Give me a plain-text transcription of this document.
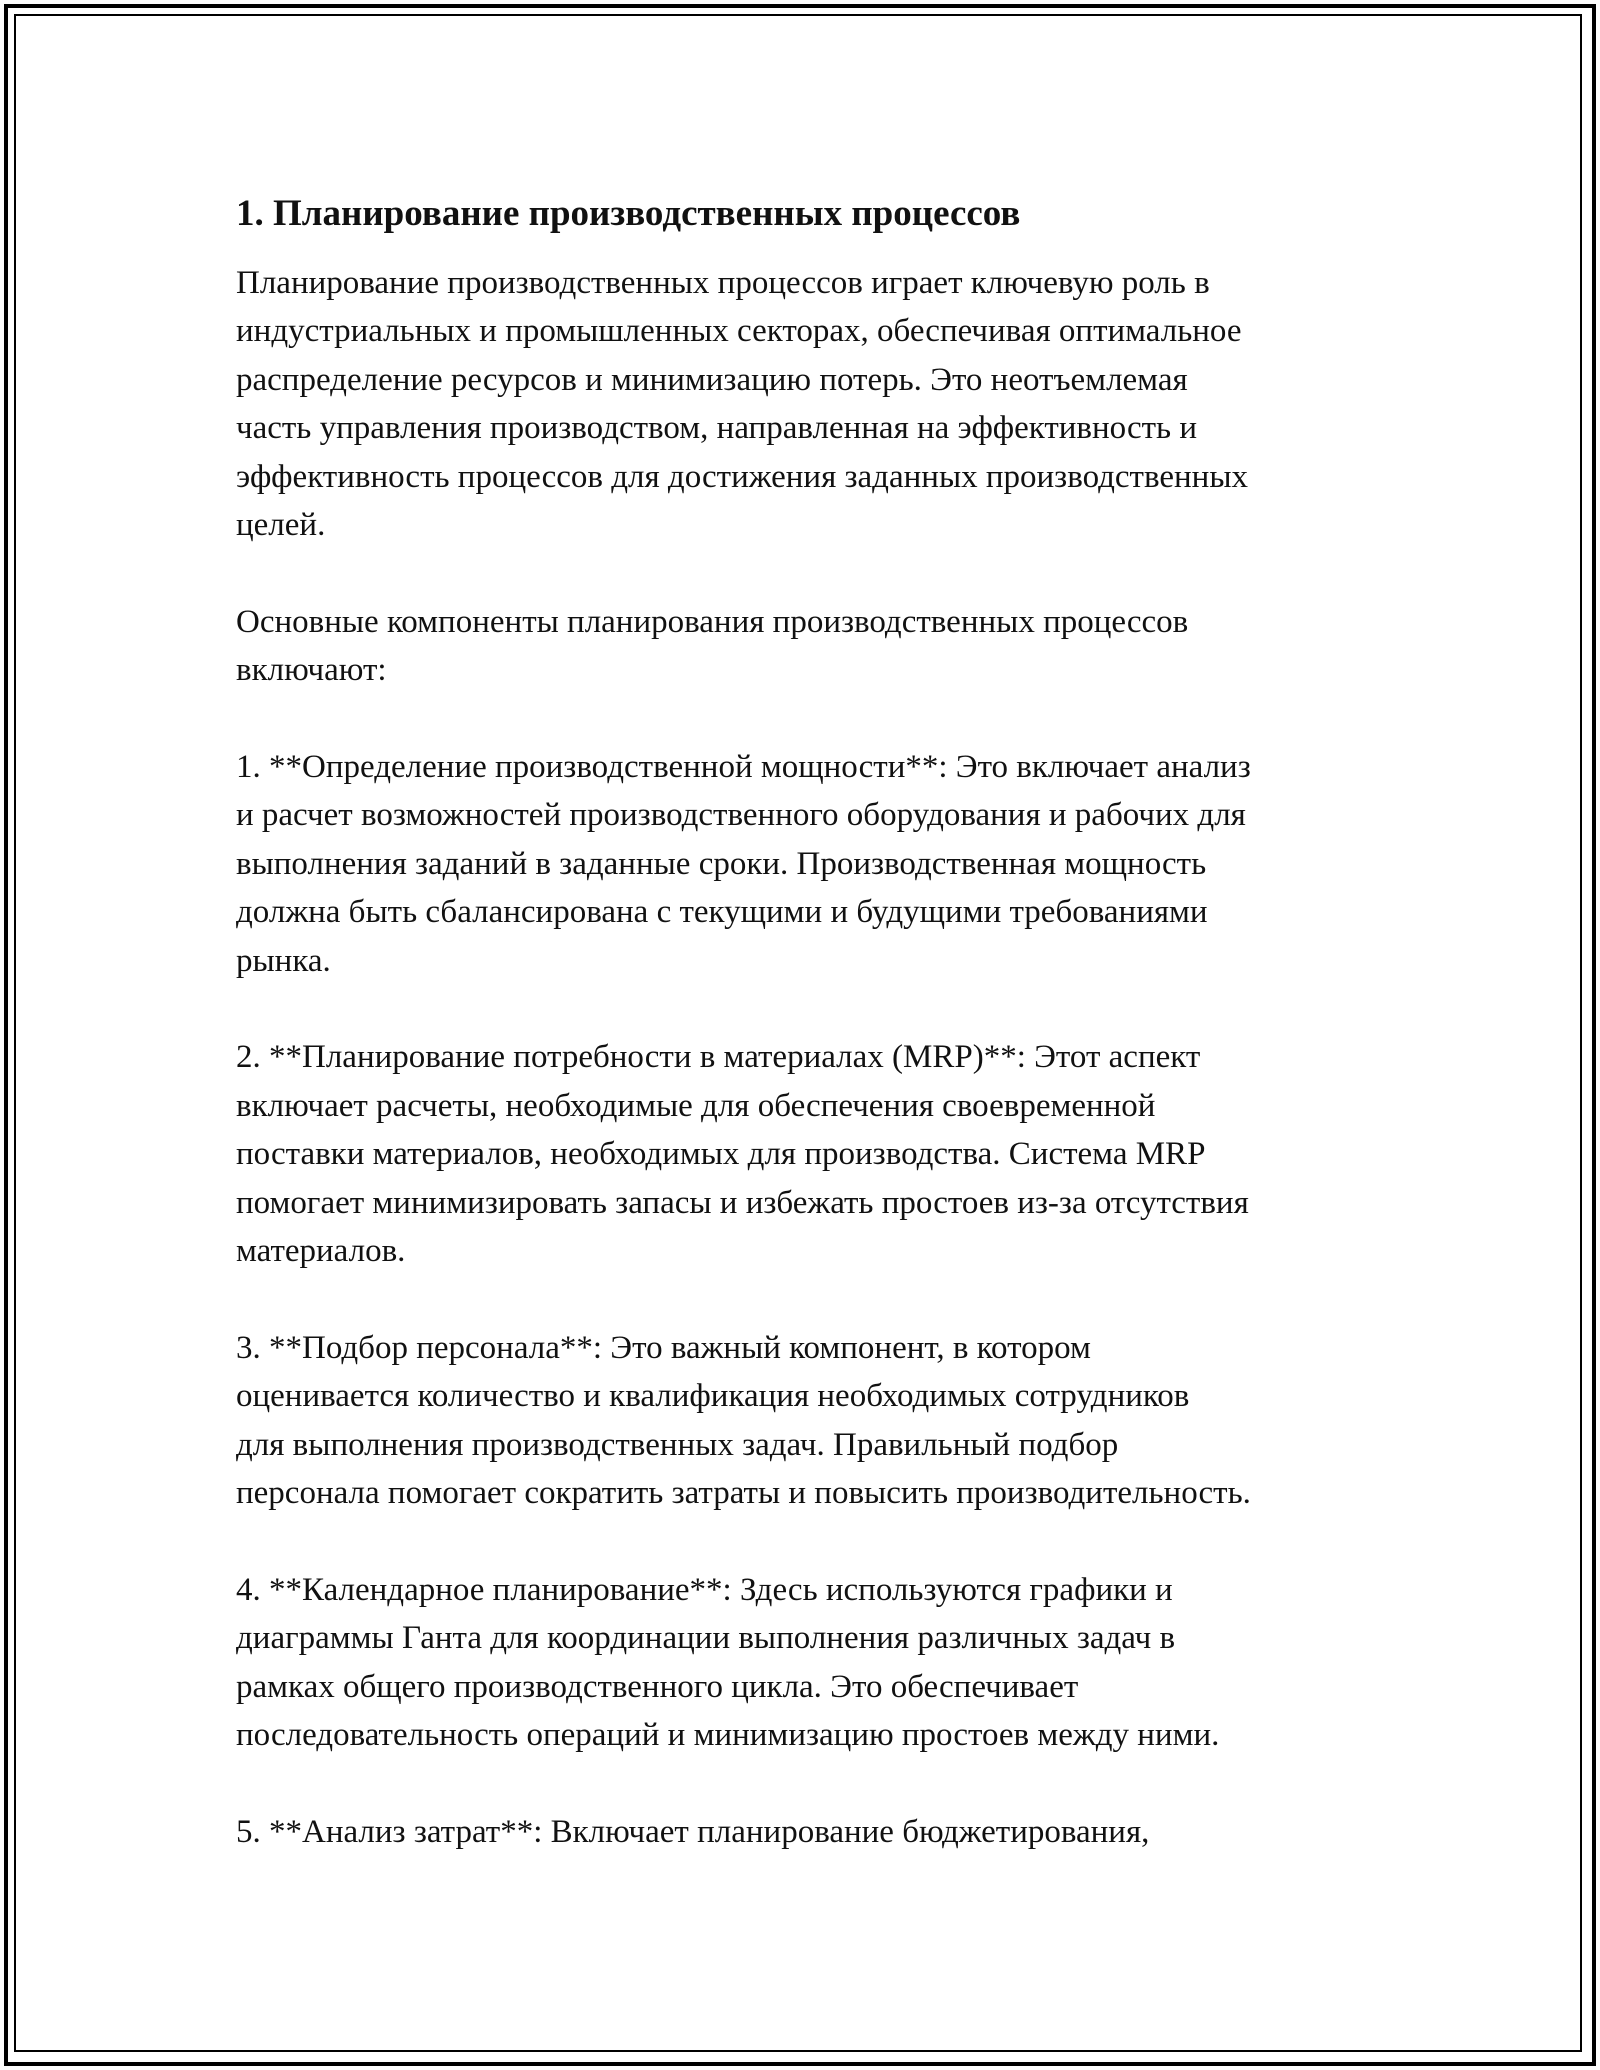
1. Планирование производственных процессов
Планирование производственных процессов играет ключевую роль в
индустриальных и промышленных секторах, обеспечивая оптимальное
распределение ресурсов и минимизацию потерь. Это неотъемлемая
часть управления производством, направленная на эффективность и
эффективность процессов для достижения заданных производственных
целей.
Основные компоненты планирования производственных процессов
включают:
1. **Определение производственной мощности**: Это включает анализ
и расчет возможностей производственного оборудования и рабочих для
выполнения заданий в заданные сроки. Производственная мощность
должна быть сбалансирована с текущими и будущими требованиями
рынка.
2. **Планирование потребности в материалах (MRP)**: Этот аспект
включает расчеты, необходимые для обеспечения своевременной
поставки материалов, необходимых для производства. Система MRP
помогает минимизировать запасы и избежать простоев из-за отсутствия
материалов.
3. **Подбор персонала**: Это важный компонент, в котором
оценивается количество и квалификация необходимых сотрудников
для выполнения производственных задач. Правильный подбор
персонала помогает сократить затраты и повысить производительность.
4. **Календарное планирование**: Здесь используются графики и
диаграммы Ганта для координации выполнения различных задач в
рамках общего производственного цикла. Это обеспечивает
последовательность операций и минимизацию простоев между ними.
5. **Анализ затрат**: Включает планирование бюджетирования,
